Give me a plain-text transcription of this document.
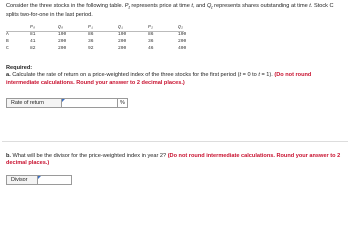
Consider the three stocks in the following table. $P_t$ represents price at time t, and $Q_t$ represents shares outstanding at time t. Stock C splits two-for-one in the last period.
	P₀	Q₀	P₁	Q₁	P₂	Q₂
A	81	100	86	100	86	100
B	41	200	36	200	36	200
C	82	200	92	200	46	400
Required:
a. Calculate the rate of return on a price-weighted index of the three stocks for the first period (t = 0 to t = 1). (Do not round intermediate calculations. Round your answer to 2 decimal places.)
Rate of return	%
b. What will be the divisor for the price-weighted index in year 2? (Do not round intermediate calculations. Round your answer to 2 decimal places.)
Divisor
